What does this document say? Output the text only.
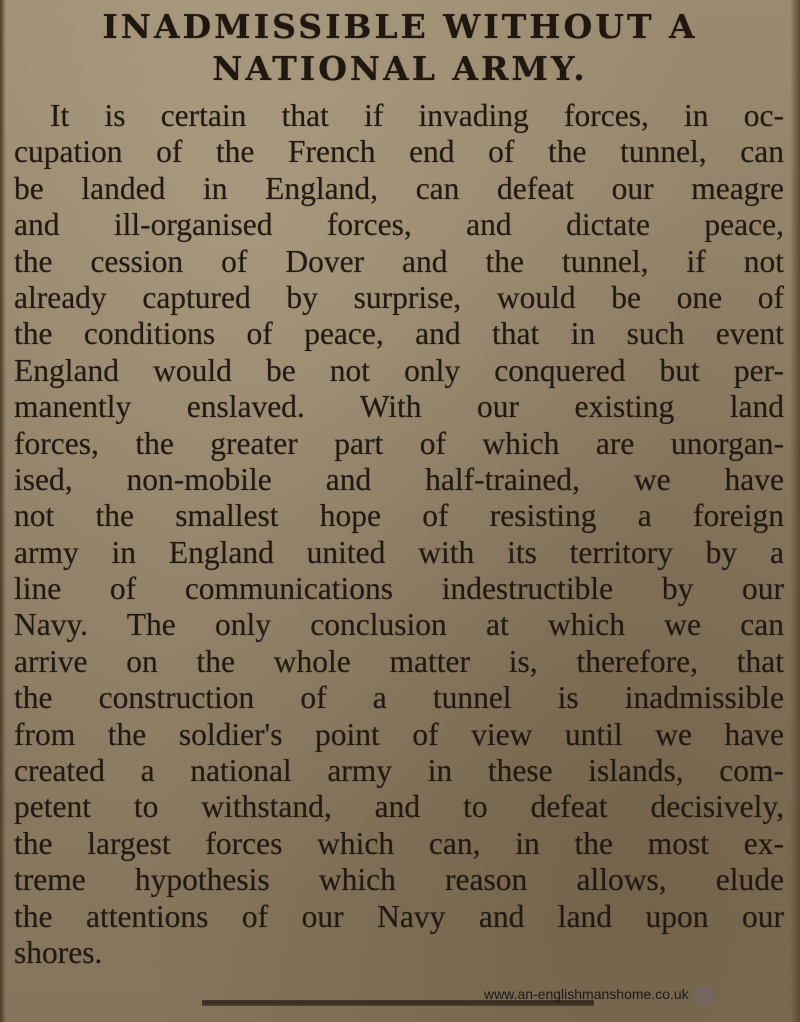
INADMISSIBLE WITHOUT A
NATIONAL ARMY.
It is certain that if invading forces, in oc-
cupation of the French end of the tunnel, can
be landed in England, can defeat our meagre
and ill-organised forces, and dictate peace,
the cession of Dover and the tunnel, if not
already captured by surprise, would be one of
the conditions of peace, and that in such event
England would be not only conquered but per-
manently enslaved. With our existing land
forces, the greater part of which are unorgan-
ised, non-mobile and half-trained, we have
not the smallest hope of resisting a foreign
army in England united with its territory by a
line of communications indestructible by our
Navy. The only conclusion at which we can
arrive on the whole matter is, therefore, that
the construction of a tunnel is inadmissible
from the soldier's point of view until we have
created a national army in these islands, com-
petent to withstand, and to defeat decisively,
the largest forces which can, in the most ex-
treme hypothesis which reason allows, elude
the attentions of our Navy and land upon our
shores.
www.an-englishmanshome.co.uk ©
